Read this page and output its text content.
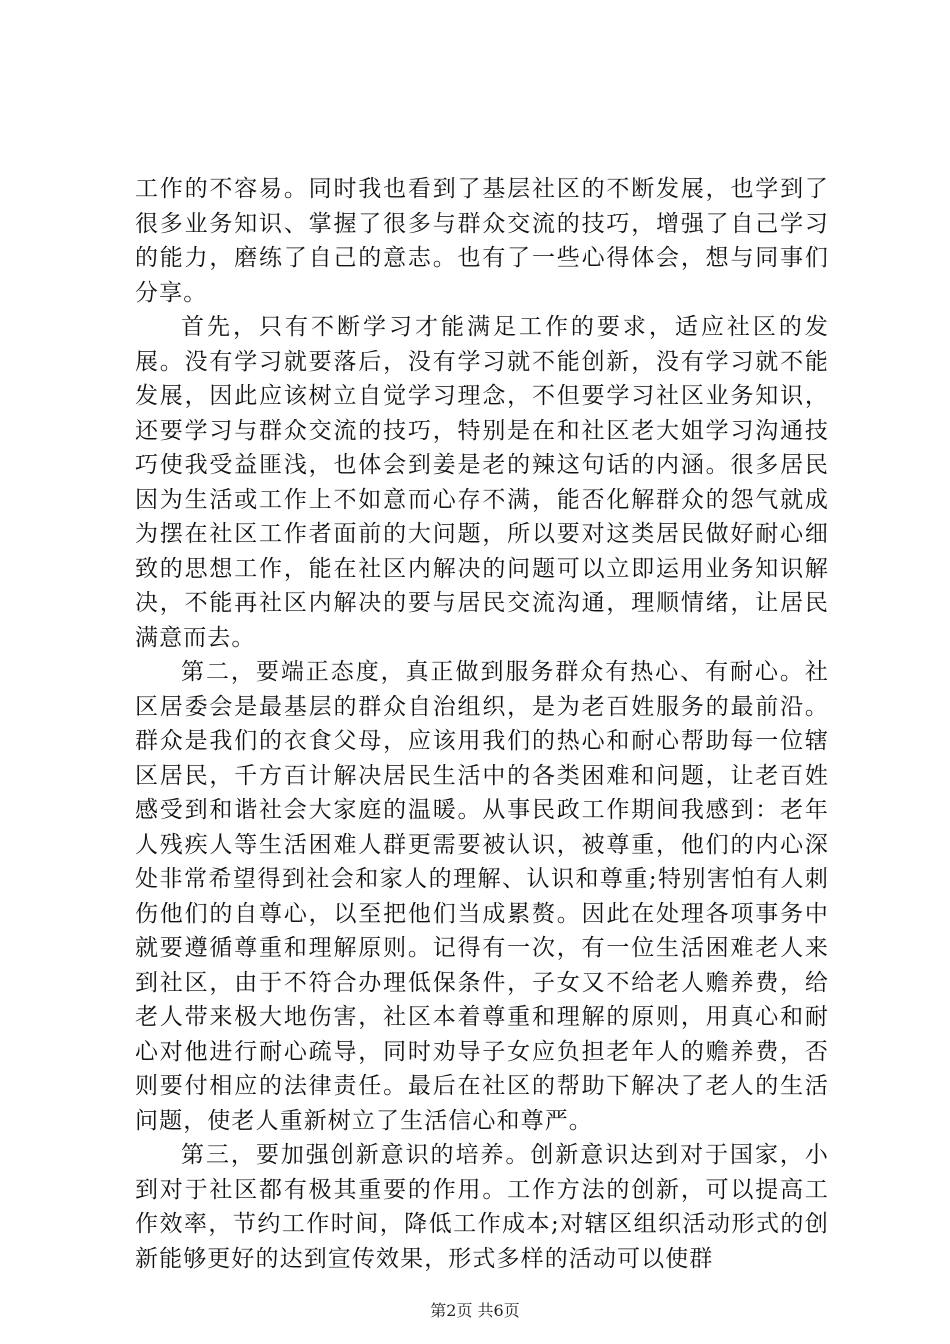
工作的不容易。同时我也看到了基层社区的不断发展，也学到了很多业务知识、掌握了很多与群众交流的技巧，增强了自己学习的能力，磨练了自己的意志。也有了一些心得体会，想与同事们分享。

首先，只有不断学习才能满足工作的要求，适应社区的发展。没有学习就要落后，没有学习就不能创新，没有学习就不能发展，因此应该树立自觉学习理念，不但要学习社区业务知识，还要学习与群众交流的技巧，特别是在和社区老大姐学习沟通技巧使我受益匪浅，也体会到姜是老的辣这句话的内涵。很多居民因为生活或工作上不如意而心存不满，能否化解群众的怨气就成为摆在社区工作者面前的大问题，所以要对这类居民做好耐心细致的思想工作，能在社区内解决的问题可以立即运用业务知识解决，不能再社区内解决的要与居民交流沟通，理顺情绪，让居民满意而去。

第二，要端正态度，真正做到服务群众有热心、有耐心。社区居委会是最基层的群众自治组织，是为老百姓服务的最前沿。群众是我们的衣食父母，应该用我们的热心和耐心帮助每一位辖区居民，千方百计解决居民生活中的各类困难和问题，让老百姓感受到和谐社会大家庭的温暖。从事民政工作期间我感到：老年人残疾人等生活困难人群更需要被认识，被尊重，他们的内心深处非常希望得到社会和家人的理解、认识和尊重;特别害怕有人刺伤他们的自尊心，以至把他们当成累赘。因此在处理各项事务中就要遵循尊重和理解原则。记得有一次，有一位生活困难老人来到社区，由于不符合办理低保条件，子女又不给老人赡养费，给老人带来极大地伤害，社区本着尊重和理解的原则，用真心和耐心对他进行耐心疏导，同时劝导子女应负担老年人的赡养费，否则要付相应的法律责任。最后在社区的帮助下解决了老人的生活问题，使老人重新树立了生活信心和尊严。

第三，要加强创新意识的培养。创新意识达到对于国家，小到对于社区都有极其重要的作用。工作方法的创新，可以提高工作效率，节约工作时间，降低工作成本;对辖区组织活动形式的创新能够更好的达到宣传效果，形式多样的活动可以使群

第2页 共6页
